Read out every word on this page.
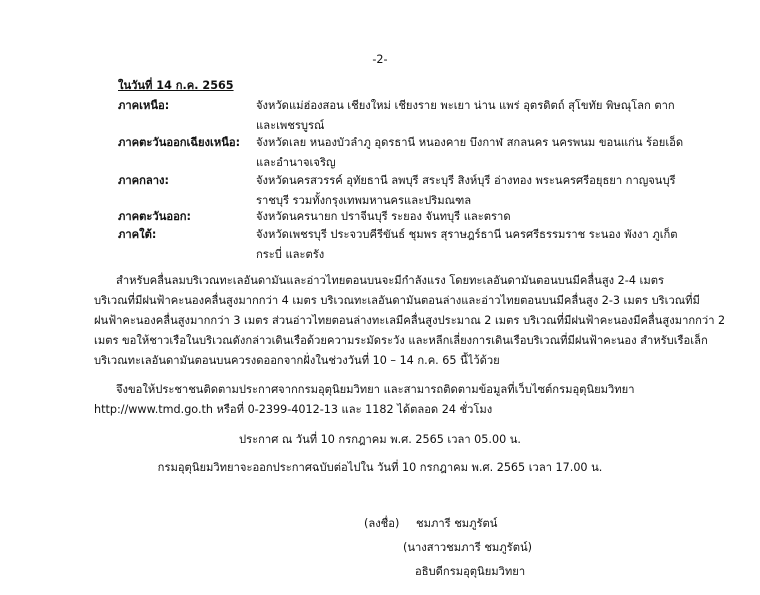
-2-
ในวันที่ 14 ก.ค. 2565
ภาคเหนือ:	จังหวัดแม่ฮ่องสอน เชียงใหม่ เชียงราย พะเยา น่าน แพร่ อุตรดิตถ์ สุโขทัย พิษณุโลก ตาก
และเพชรบูรณ์
ภาคตะวันออกเฉียงเหนือ: จังหวัดเลย หนองบัวลำภู อุดรธานี หนองคาย บึงกาฬ สกลนคร นครพนม ขอนแก่น ร้อยเอ็ด
และอำนาจเจริญ
ภาคกลาง:	จังหวัดนครสวรรค์ อุทัยธานี ลพบุรี สระบุรี สิงห์บุรี อ่างทอง พระนครศรีอยุธยา กาญจนบุรี
ราชบุรี รวมทั้งกรุงเทพมหานครและปริมณฑล
ภาคตะวันออก:	จังหวัดนครนายก ปราจีนบุรี ระยอง จันทบุรี และตราด
ภาคใต้:	จังหวัดเพชรบุรี ประจวบคีรีขันธ์ ชุมพร สุราษฎร์ธานี นครศรีธรรมราช ระนอง พังงา ภูเก็ต
กระบี่ และตรัง
สำหรับคลื่นลมบริเวณทะเลอันดามันและอ่าวไทยตอนบนจะมีกำลังแรง โดยทะเลอันดามันตอนบนมีคลื่นสูง 2-4 เมตร
บริเวณที่มีฝนฟ้าคะนองคลื่นสูงมากกว่า 4 เมตร บริเวณทะเลอันดามันตอนล่างและอ่าวไทยตอนบนมีคลื่นสูง 2-3 เมตร บริเวณที่มี
ฝนฟ้าคะนองคลื่นสูงมากกว่า 3 เมตร ส่วนอ่าวไทยตอนล่างทะเลมีคลื่นสูงประมาณ 2 เมตร บริเวณที่มีฝนฟ้าคะนองมีคลื่นสูงมากกว่า 2
เมตร ขอให้ชาวเรือในบริเวณดังกล่าวเดินเรือด้วยความระมัดระวัง และหลีกเลี่ยงการเดินเรือบริเวณที่มีฝนฟ้าคะนอง สำหรับเรือเล็ก
บริเวณทะเลอันดามันตอนบนควรงดออกจากฝั่งในช่วงวันที่ 10 – 14 ก.ค. 65 นี้ไว้ด้วย
จึงขอให้ประชาชนติดตามประกาศจากกรมอุตุนิยมวิทยา และสามารถติดตามข้อมูลที่เว็บไซต์กรมอุตุนิยมวิทยา
http://www.tmd.go.th หรือที่ 0-2399-4012-13 และ 1182 ได้ตลอด 24 ชั่วโมง
ประกาศ ณ วันที่ 10 กรกฎาคม พ.ศ. 2565 เวลา 05.00 น.
กรมอุตุนิยมวิทยาจะออกประกาศฉบับต่อไปใน วันที่ 10 กรกฎาคม พ.ศ. 2565 เวลา 17.00 น.
(ลงชื่อ) ชมภารี ชมภูรัตน์
(นางสาวชมภารี ชมภูรัตน์)
อธิบดีกรมอุตุนิยมวิทยา
